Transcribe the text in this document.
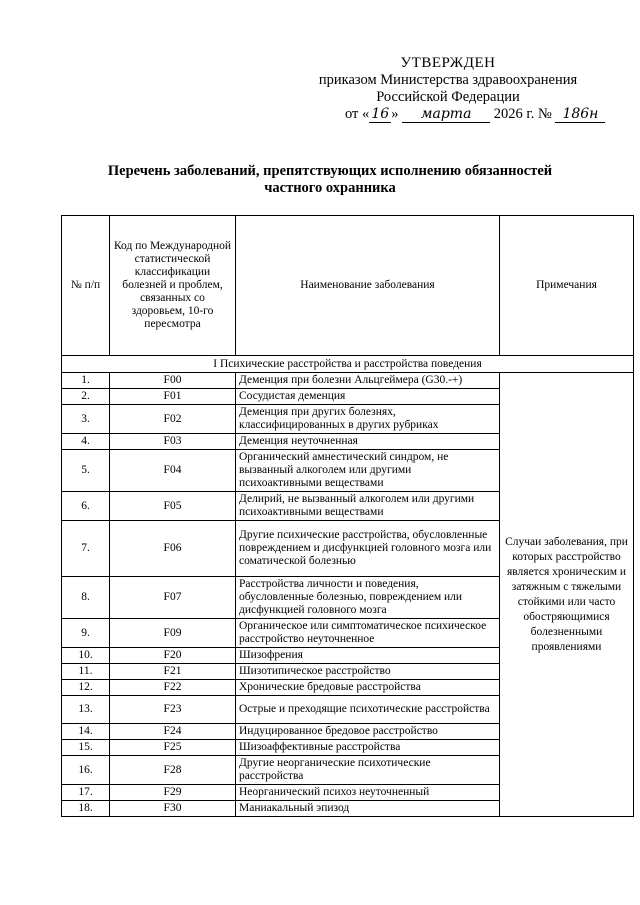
УТВЕРЖДЕН
приказом Министерства здравоохранения
Российской Федерации
от « 16 » марта 2026 г. № 186н
Перечень заболеваний, препятствующих исполнению обязанностей
частного охранника
№ п/п	Код по Международной статистической классификации болезней и проблем, связанных со здоровьем, 10-го пересмотра	Наименование заболевания	Примечания
I Психические расстройства и расстройства поведения			
1.	F00	Деменция при болезни Альцгеймера (G30.-+)	Случаи заболевания, при которых расстройство является хроническим и затяжным с тяжелыми стойкими или часто обостряющимися болезненными проявлениями
2.	F01	Сосудистая деменция	
3.	F02	Деменция при других болезнях, классифицированных в других рубриках	
4.	F03	Деменция неуточненная	
5.	F04	Органический амнестический синдром, не вызванный алкоголем или другими психоактивными веществами	
6.	F05	Делирий, не вызванный алкоголем или другими психоактивными веществами	
7.	F06	Другие психические расстройства, обусловленные повреждением и дисфункцией головного мозга или соматической болезнью	
8.	F07	Расстройства личности и поведения, обусловленные болезнью, повреждением или дисфункцией головного мозга	
9.	F09	Органическое или симптоматическое психическое расстройство неуточненное	
10.	F20	Шизофрения	
11.	F21	Шизотипическое расстройство	
12.	F22	Хронические бредовые расстройства	
13.	F23	Острые и преходящие психотические расстройства	
14.	F24	Индуцированное бредовое расстройство	
15.	F25	Шизоаффективные расстройства	
16.	F28	Другие неорганические психотические расстройства	
17.	F29	Неорганический психоз неуточненный	
18.	F30	Маниакальный эпизод	
